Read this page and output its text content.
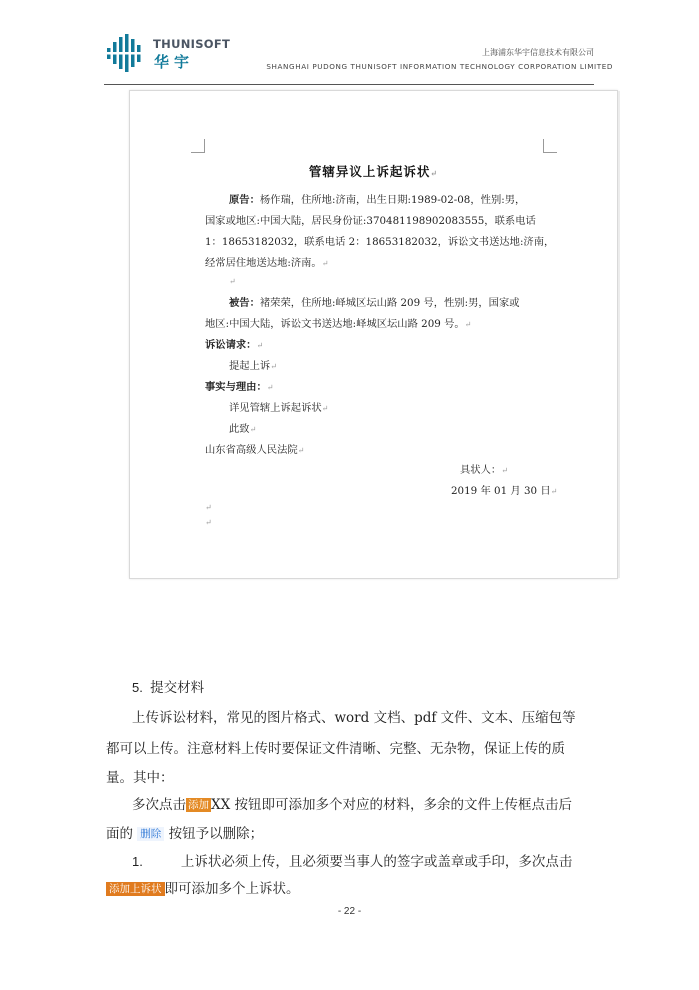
THUNISOFT
华宇
上海浦东华宇信息技术有限公司
SHANGHAI PUDONG THUNISOFT INFORMATION TECHNOLOGY CORPORATION LIMITED
管辖异议上诉起诉状↵
原告：杨作瑞，住所地:济南，出生日期:1989-02-08，性别:男，
国家或地区:中国大陆，居民身份证:370481198902083555，联系电话
1：18653182032，联系电话 2：18653182032，诉讼文书送达地:济南，
经常居住地送达地:济南。↵
↵
被告：褚荣荣，住所地:峄城区坛山路 209 号，性别:男，国家或
地区:中国大陆，诉讼文书送达地:峄城区坛山路 209 号。↵
诉讼请求：↵
提起上诉↵
事实与理由：↵
详见管辖上诉起诉状↵
此致↵
山东省高级人民法院↵
具状人：↵
2019 年 01 月 30 日↵
↵
↵
5. 提交材料
上传诉讼材料，常见的图片格式、word 文档、pdf 文件、文本、压缩包等
都可以上传。注意材料上传时要保证文件清晰、完整、无杂物，保证上传的质
量。其中：
多次点击 添加 XX 按钮即可添加多个对应的材料，多余的文件上传框点击后
面的 删除 按钮予以删除；
1.	上诉状必须上传，且必须要当事人的签字或盖章或手印，多次点击
添加上诉状 即可添加多个上诉状。
- 22 -
